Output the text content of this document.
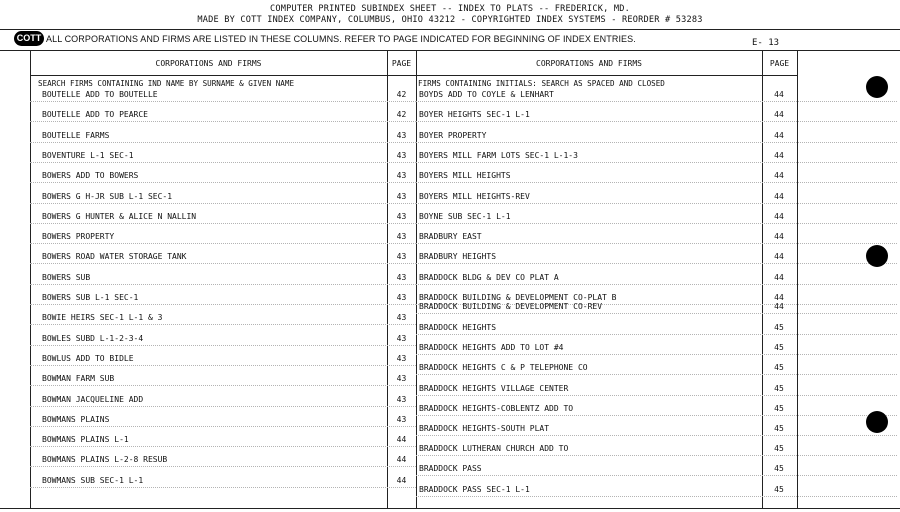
COMPUTER PRINTED SUBINDEX SHEET -- INDEX TO PLATS -- FREDERICK, MD.
MADE BY COTT INDEX COMPANY, COLUMBUS, OHIO 43212 - COPYRIGHTED INDEX SYSTEMS - REORDER # 53283
COTT ALL CORPORATIONS AND FIRMS ARE LISTED IN THESE COLUMNS. REFER TO PAGE INDICATED FOR BEGINNING OF INDEX ENTRIES.	E- 13
CORPORATIONS AND FIRMS	PAGE	CORPORATIONS AND FIRMS	PAGE
SEARCH FIRMS CONTAINING IND NAME BY SURNAME & GIVEN NAME	FIRMS CONTAINING INITIALS: SEARCH AS SPACED AND CLOSED
BOUTELLE ADD TO BOUTELLE	42
BOUTELLE ADD TO PEARCE	42
BOUTELLE FARMS	43
BOVENTURE L-1 SEC-1	43
BOWERS ADD TO BOWERS	43
BOWERS G H-JR SUB L-1 SEC-1	43
BOWERS G HUNTER & ALICE N NALLIN	43
BOWERS PROPERTY	43
BOWERS ROAD WATER STORAGE TANK	43
BOWERS SUB	43
BOWERS SUB L-1 SEC-1	43
BOWIE HEIRS SEC-1 L-1 & 3	43
BOWLES SUBD L-1-2-3-4	43
BOWLUS ADD TO BIDLE	43
BOWMAN FARM SUB	43
BOWMAN JACQUELINE ADD	43
BOWMANS PLAINS	43
BOWMANS PLAINS L-1	44
BOWMANS PLAINS L-2-8 RESUB	44
BOWMANS SUB SEC-1 L-1	44
BOYDS ADD TO COYLE & LENHART	44
BOYER HEIGHTS SEC-1 L-1	44
BOYER PROPERTY	44
BOYERS MILL FARM LOTS SEC-1 L-1-3	44
BOYERS MILL HEIGHTS	44
BOYERS MILL HEIGHTS-REV	44
BOYNE SUB SEC-1 L-1	44
BRADBURY EAST	44
BRADBURY HEIGHTS	44
BRADDOCK BLDG & DEV CO PLAT A	44
BRADDOCK BUILDING & DEVELOPMENT CO-PLAT B	44
BRADDOCK BUILDING & DEVELOPMENT CO-REV	44
BRADDOCK HEIGHTS	45
BRADDOCK HEIGHTS ADD TO LOT #4	45
BRADDOCK HEIGHTS C & P TELEPHONE CO	45
BRADDOCK HEIGHTS VILLAGE CENTER	45
BRADDOCK HEIGHTS-COBLENTZ ADD TO	45
BRADDOCK HEIGHTS-SOUTH PLAT	45
BRADDOCK LUTHERAN CHURCH ADD TO	45
BRADDOCK PASS	45
BRADDOCK PASS SEC-1 L-1	45
